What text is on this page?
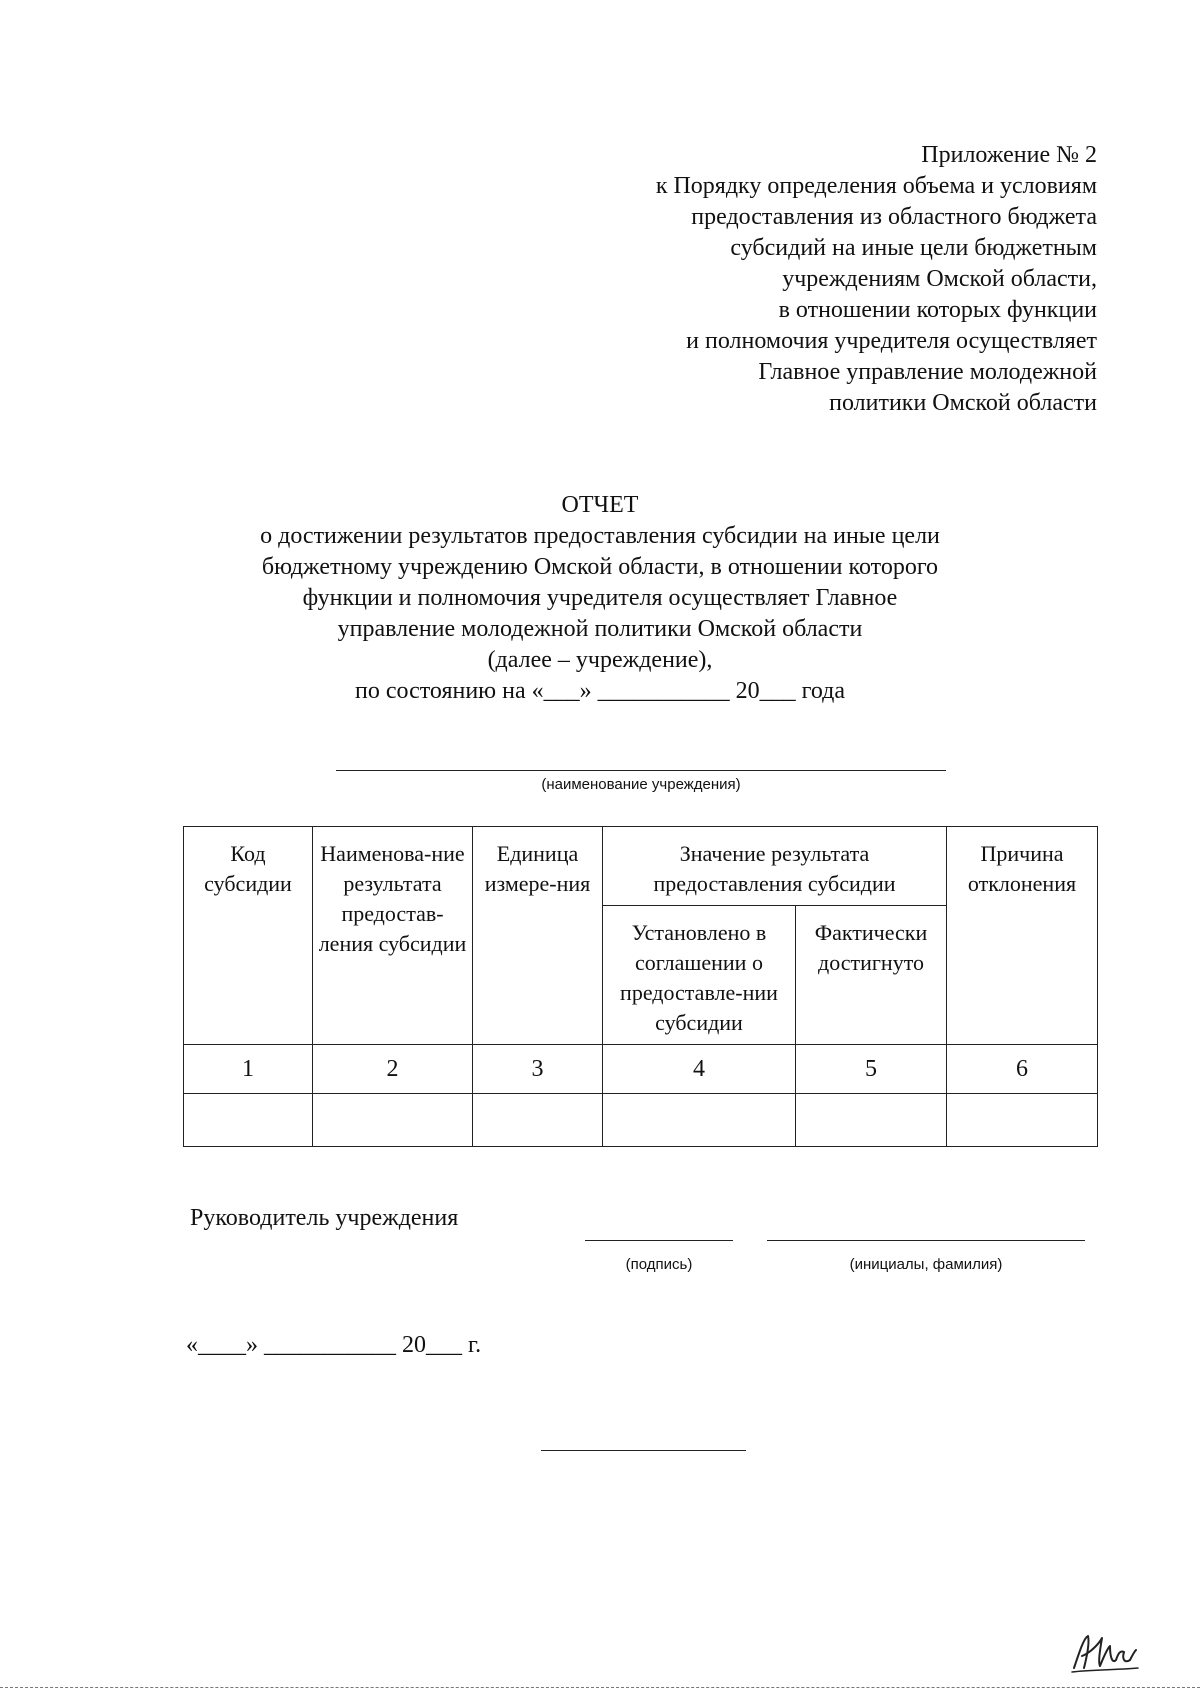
Приложение № 2
к Порядку определения объема и условиям
предоставления из областного бюджета
субсидий на иные цели бюджетным
учреждениям Омской области,
в отношении которых функции
и полномочия учредителя осуществляет
Главное управление молодежной
политики Омской области
ОТЧЕТ
о достижении результатов предоставления субсидии на иные цели
бюджетному учреждению Омской области, в отношении которого
функции и полномочия учредителя осуществляет Главное
управление молодежной политики Омской области
(далее – учреждение),
по состоянию на «___» ___________ 20___ года
(наименование учреждения)
Код субсидии	Наименова-ние результата предостав-ления субсидии	Единица измере-ния	Значение результата предоставления субсидии		Причина отклонения
			Установлено в соглашении о предоставле-нии субсидии	Фактически достигнуто	
1	2	3	4	5	6

Руководитель учреждения
(подпись)	(инициалы, фамилия)
«____» ___________ 20___ г.
